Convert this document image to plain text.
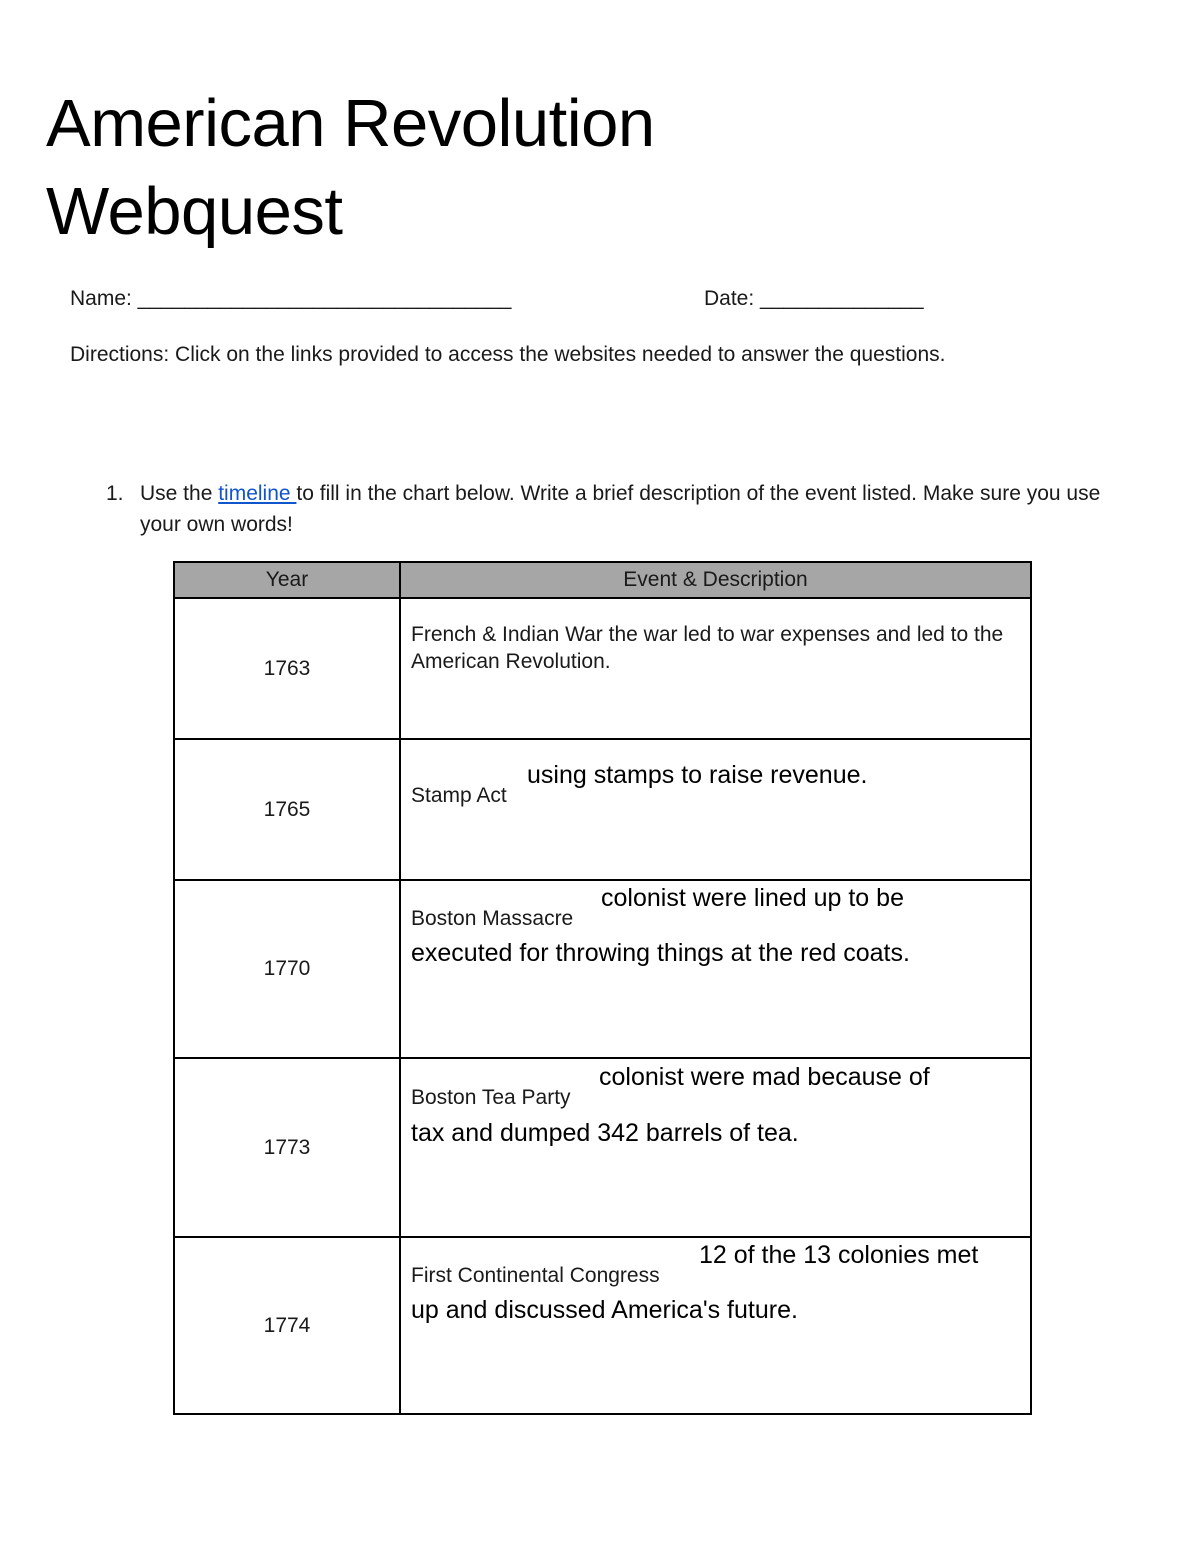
American Revolution
Webquest
Name: ________________________________	Date: ______________
Directions: Click on the links provided to access the websites needed to answer the questions.
1. Use the timeline to fill in the chart below. Write a brief description of the event listed. Make sure you use your own words!
Year	Event & Description
1763	French & Indian War the war led to war expenses and led to the American Revolution.

1765	Stamp Act
using stamps to raise revenue.

1770	Boston Massacre
colonist were lined up to be
executed for throwing things at the red coats.

1773	Boston Tea Party
colonist were mad because of
tax and dumped 342 barrels of tea.

1774	First Continental Congress
12 of the 13 colonies met
up and discussed America's future.
